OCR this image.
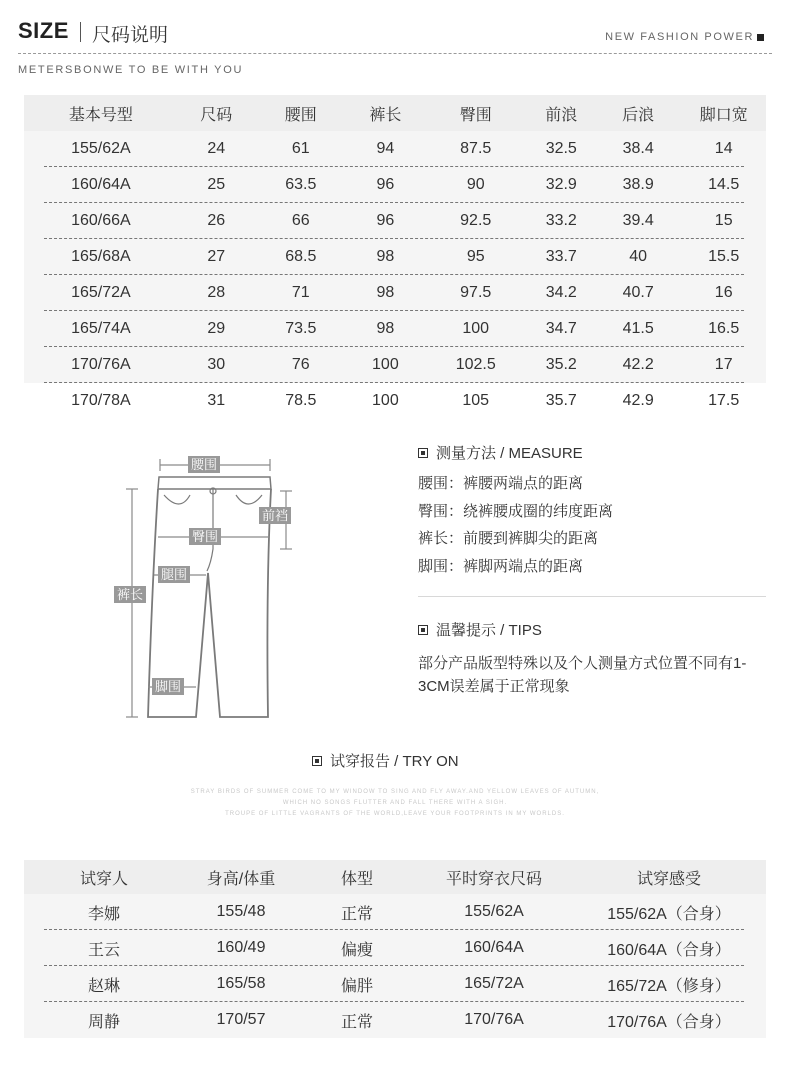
SIZE 尺码说明	NEW FASHION POWER
METERSBONWE TO BE WITH YOU
基本号型	尺码	腰围	裤长	臀围	前浪	后浪	脚口宽
155/62A	24	61	94	87.5	32.5	38.4	14
160/64A	25	63.5	96	90	32.9	38.9	14.5
160/66A	26	66	96	92.5	33.2	39.4	15
165/68A	27	68.5	98	95	33.7	40	15.5
165/72A	28	71	98	97.5	34.2	40.7	16
165/74A	29	73.5	98	100	34.7	41.5	16.5
170/76A	30	76	100	102.5	35.2	42.2	17
170/78A	31	78.5	100	105	35.7	42.9	17.5
腰围
前裆
臀围
腿围
裤长
脚围
测量方法 / MEASURE
腰围：裤腰两端点的距离
臀围：绕裤腰成圈的纬度距离
裤长：前腰到裤脚尖的距离
脚围：裤脚两端点的距离
温馨提示 / TIPS
部分产品版型特殊以及个人测量方式位置不同有1-3CM误差属于正常现象
试穿报告 / TRY ON
STRAY BIRDS OF SUMMER COME TO MY WINDOW TO SING AND FLY AWAY.AND YELLOW LEAVES OF AUTUMN,
WHICH NO SONGS FLUTTER AND FALL THERE WITH A SIGH.
TROUPE OF LITTLE VAGRANTS OF THE WORLD,LEAVE YOUR FOOTPRINTS IN MY WORLDS.
试穿人	身高/体重	体型	平时穿衣尺码	试穿感受
李娜	155/48	正常	155/62A	155/62A（合身）
王云	160/49	偏瘦	160/64A	160/64A（合身）
赵琳	165/58	偏胖	165/72A	165/72A（修身）
周静	170/57	正常	170/76A	170/76A（合身）
